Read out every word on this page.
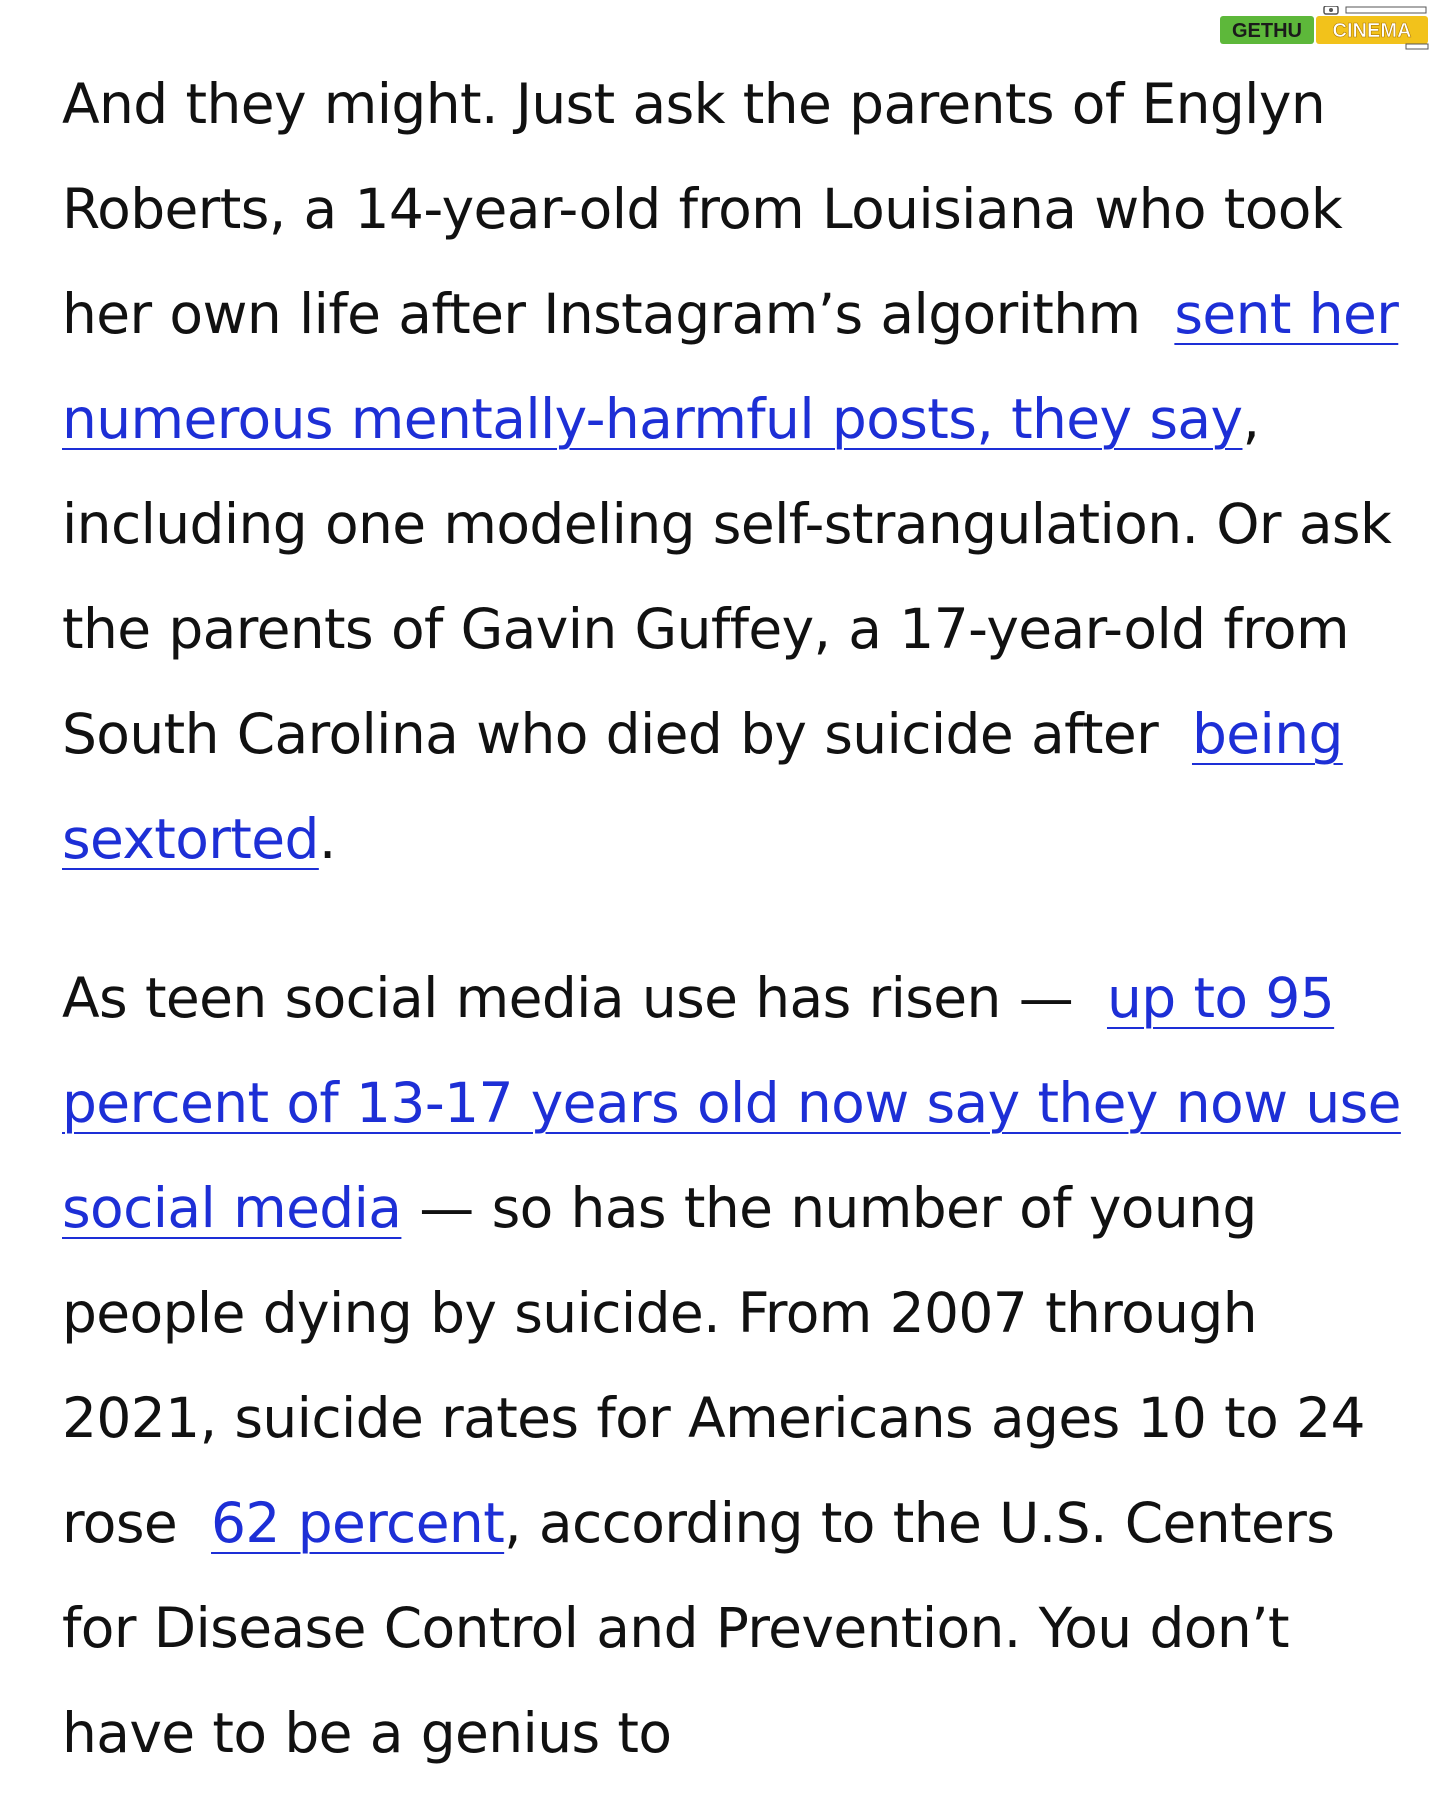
GETHU CINEMA

And they might. Just ask the parents of Englyn Roberts, a 14-year-old from Louisiana who took her own life after Instagram’s algorithm sent her numerous mentally-harmful posts, they say, including one modeling self-strangulation. Or ask the parents of Gavin Guffey, a 17-year-old from South Carolina who died by suicide after being sextorted.

As teen social media use has risen — up to 95 percent of 13-17 years old now say they now use social media — so has the number of young people dying by suicide. From 2007 through 2021, suicide rates for Americans ages 10 to 24 rose 62 percent, according to the U.S. Centers for Disease Control and Prevention. You don’t have to be a genius to
